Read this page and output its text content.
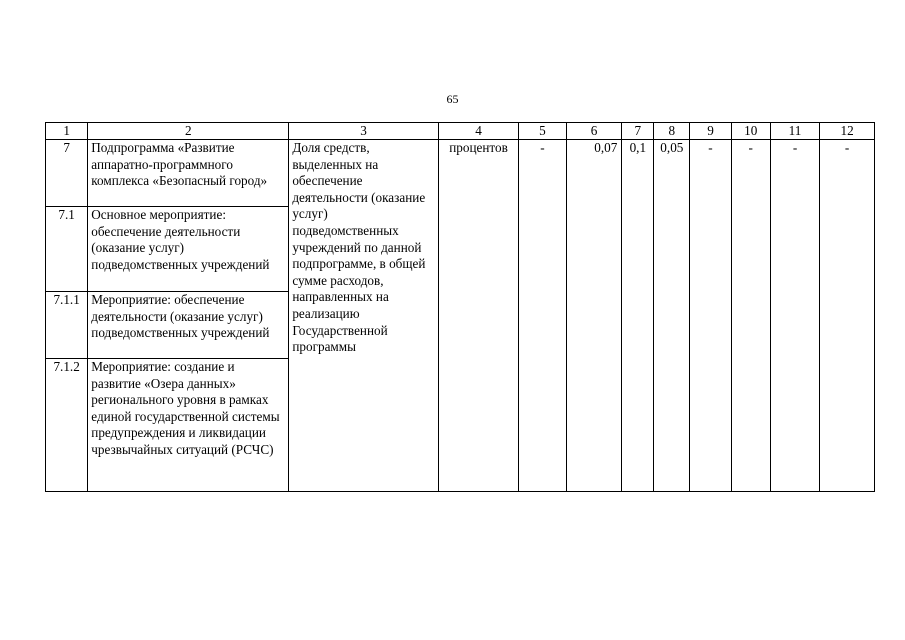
65
1	2	3	4	5	6	7	8	9	10	11	12
7	Подпрограмма «Развитие аппаратно-программного комплекса «Безопасный город»	Доля средств, выделенных на обеспечение деятельности (оказание услуг) подведомственных учреждений по данной подпрограмме, в общей сумме расходов, направленных на реализацию Государственной программы	процентов	-	0,07	0,1	0,05	-	-	-	-
7.1	Основное мероприятие: обеспечение деятельности (оказание услуг) подведомственных учреждений										
7.1.1	Мероприятие: обеспечение деятельности (оказание услуг) подведомственных учреждений										
7.1.2	Мероприятие: создание и развитие «Озера данных» регионального уровня в рамках единой государственной системы предупреждения и ликвидации чрезвычайных ситуаций (РСЧС)										
